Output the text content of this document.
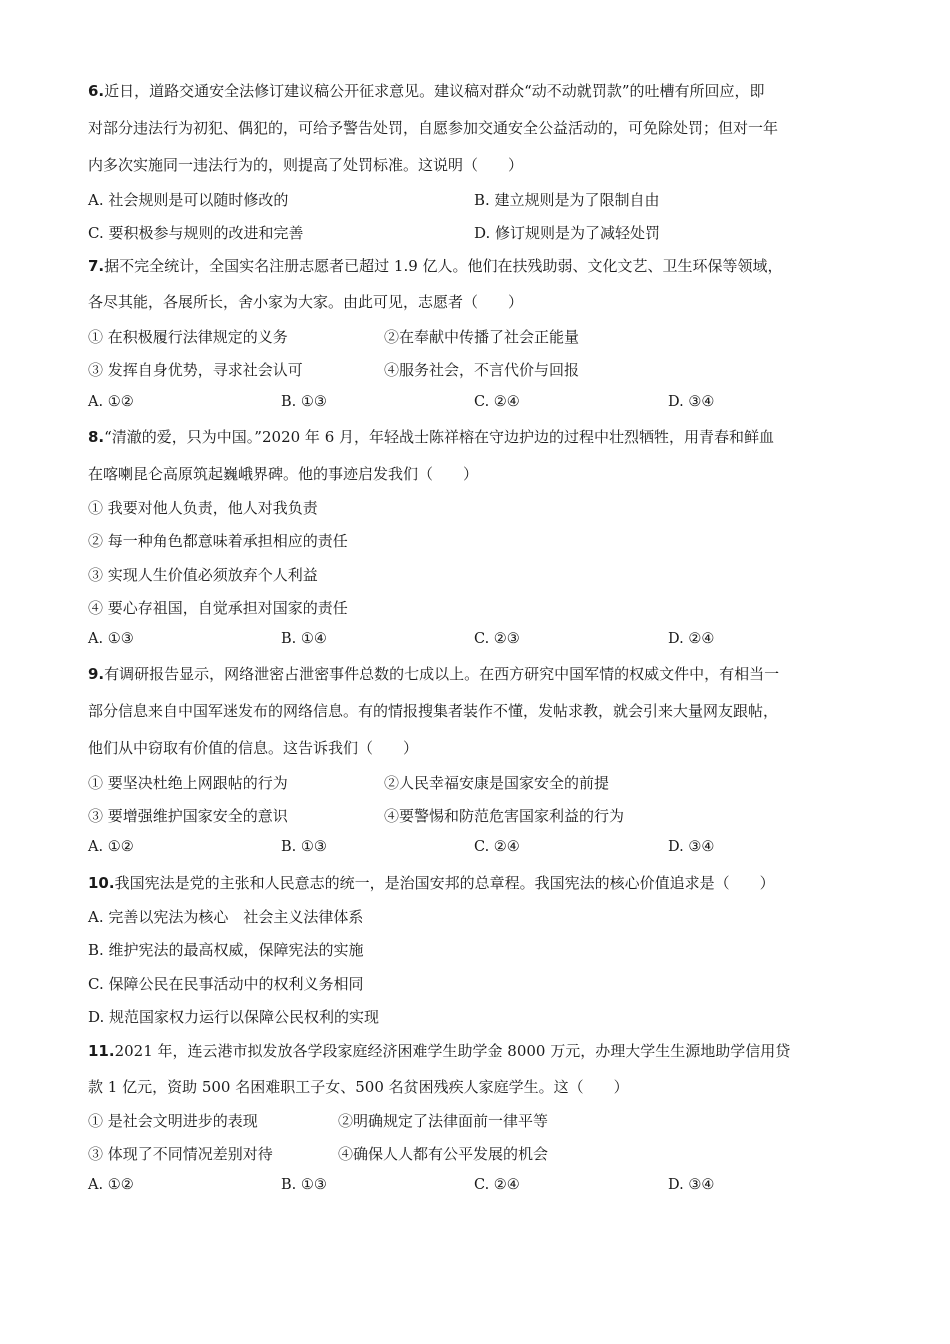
6.近日，道路交通安全法修订建议稿公开征求意见。建议稿对群众“动不动就罚款”的吐槽有所回应，即
对部分违法行为初犯、偶犯的，可给予警告处罚，自愿参加交通安全公益活动的，可免除处罚；但对一年
内多次实施同一违法行为的，则提高了处罚标准。这说明（　　）
A. 社会规则是可以随时修改的	B. 建立规则是为了限制自由
C. 要积极参与规则的改进和完善	D. 修订规则是为了减轻处罚
7.据不完全统计，全国实名注册志愿者已超过 1.9 亿人。他们在扶残助弱、文化文艺、卫生环保等领域，
各尽其能，各展所长，舍小家为大家。由此可见，志愿者（　　）
① 在积极履行法律规定的义务	②在奉献中传播了社会正能量
③ 发挥自身优势，寻求社会认可	④服务社会，不言代价与回报
A. ①②	B. ①③	C. ②④	D. ③④
8.“清澈的爱，只为中国。”2020 年 6 月，年轻战士陈祥榕在守边护边的过程中壮烈牺牲，用青春和鲜血
在喀喇昆仑高原筑起巍峨界碑。他的事迹启发我们（　　）
① 我要对他人负责，他人对我负责
② 每一种角色都意味着承担相应的责任
③ 实现人生价值必须放弃个人利益
④ 要心存祖国，自觉承担对国家的责任
A. ①③	B. ①④	C. ②③	D. ②④
9.有调研报告显示，网络泄密占泄密事件总数的七成以上。在西方研究中国军情的权威文件中，有相当一
部分信息来自中国军迷发布的网络信息。有的情报搜集者装作不懂，发帖求教，就会引来大量网友跟帖，
他们从中窃取有价值的信息。这告诉我们（　　）
① 要坚决杜绝上网跟帖的行为	②人民幸福安康是国家安全的前提
③ 要增强维护国家安全的意识	④要警惕和防范危害国家利益的行为
A. ①②	B. ①③	C. ②④	D. ③④
10.我国宪法是党的主张和人民意志的统一，是治国安邦的总章程。我国宪法的核心价值追求是（　　）
A. 完善以宪法为核心　社会主义法律体系
B. 维护宪法的最高权威，保障宪法的实施
C. 保障公民在民事活动中的权利义务相同
D. 规范国家权力运行以保障公民权利的实现
11.2021 年，连云港市拟发放各学段家庭经济困难学生助学金 8000 万元，办理大学生生源地助学信用贷
款 1 亿元，资助 500 名困难职工子女、500 名贫困残疾人家庭学生。这（　　）
① 是社会文明进步的表现	②明确规定了法律面前一律平等
③ 体现了不同情况差别对待	④确保人人都有公平发展的机会
A. ①②	B. ①③	C. ②④	D. ③④
